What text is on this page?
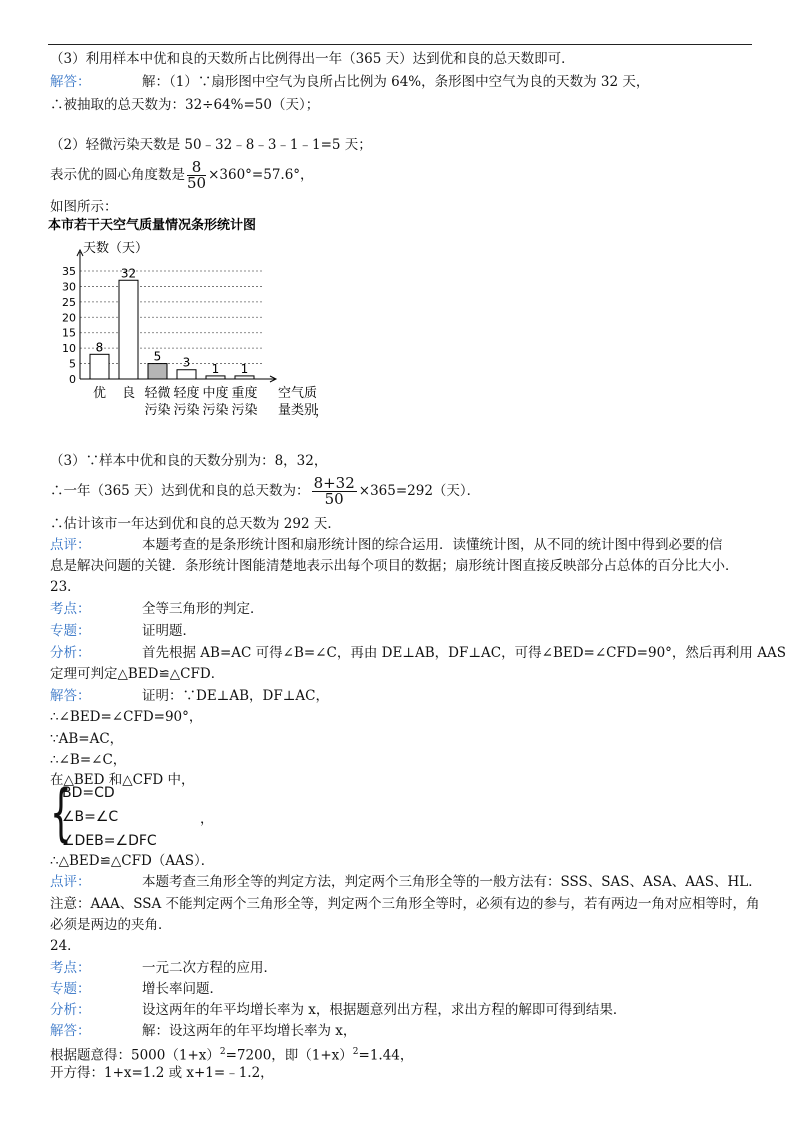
（3）利用样本中优和良的天数所占比例得出一年（365 天）达到优和良的总天数即可．
解答：	解：（1）∵扇形图中空气为良所占比例为 64%，条形图中空气为良的天数为 32 天，
∴被抽取的总天数为：32÷64%=50（天）；
（2）轻微污染天数是 50﹣32﹣8﹣3﹣1﹣1=5 天；
表示优的圆心角度数是 $\frac{8}{50} \times 360^\circ=57.6^\circ$，
如图所示：
本市若干天空气质量情况条形统计图
0
5
10
15
20
25
30
35
天数（天）
8
优
32
良
5
轻微
污染
3
轻度
污染
1
中度
污染
1
重度
污染
空气质
量类别
；
（3）∵样本中优和良的天数分别为：8，32，
∴一年（365 天）达到优和良的总天数为： $\frac{8+32}{50} \times 365=292$（天）．
∴估计该市一年达到优和良的总天数为 292 天．
点评：	本题考查的是条形统计图和扇形统计图的综合运用．读懂统计图，从不同的统计图中得到必要的信
息是解决问题的关键．条形统计图能清楚地表示出每个项目的数据；扇形统计图直接反映部分占总体的百分比大小．
23．
考点：	全等三角形的判定．
专题：	证明题．
分析：	首先根据 AB=AC 可得∠B=∠C，再由 DE⊥AB，DF⊥AC，可得∠BED=∠CFD=90°，然后再利用 AAS
定理可判定△BED≌△CFD．
解答：	证明：∵DE⊥AB，DF⊥AC，
∴∠BED=∠CFD=90°，
∵AB=AC，
∴∠B=∠C，
在△BED 和△CFD 中，
{
BD=CD
∠B=∠C
∠DEB=∠DFC
，
∴△BED≌△CFD（AAS）．
点评：	本题考查三角形全等的判定方法，判定两个三角形全等的一般方法有：SSS、SAS、ASA、AAS、HL．
注意：AAA、SSA 不能判定两个三角形全等，判定两个三角形全等时，必须有边的参与，若有两边一角对应相等时，角
必须是两边的夹角．
24．
考点：	一元二次方程的应用．
专题：	增长率问题．
分析：	设这两年的年平均增长率为 x，根据题意列出方程，求出方程的解即可得到结果．
解答：	解：设这两年的年平均增长率为 x，
根据题意得：$5000(1+x)^2=7200$，即$(1+x)^2=1.44$，
开方得：1+x=1.2 或 x+1=﹣1.2，
